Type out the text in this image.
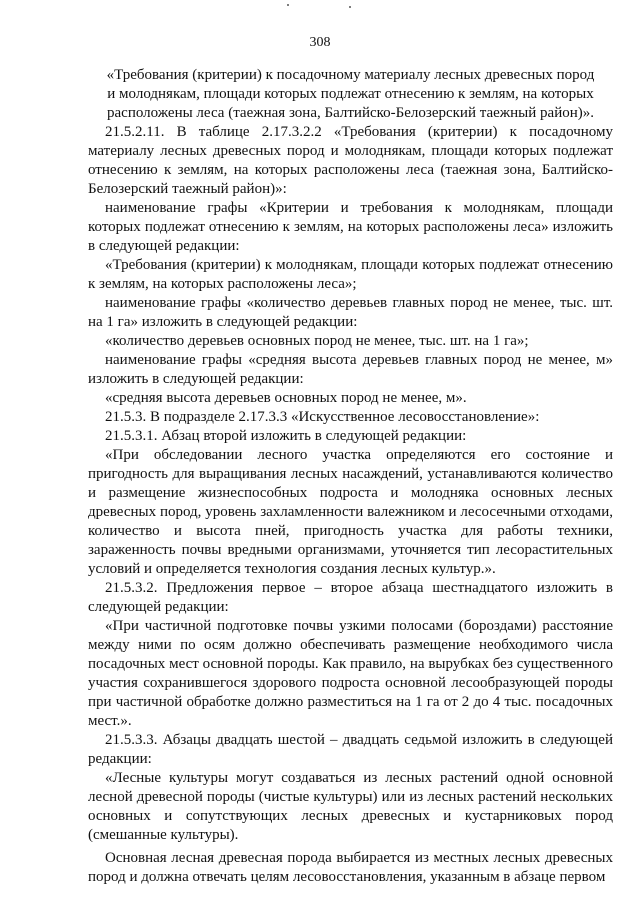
308

«Требования (критерии) к посадочному материалу лесных древесных пород и молоднякам, площади которых подлежат отнесению к землям, на которых расположены леса (таежная зона, Балтийско-Белозерский таежный район)».

21.5.2.11. В таблице 2.17.3.2.2 «Требования (критерии) к посадочному материалу лесных древесных пород и молоднякам, площади которых подлежат отнесению к землям, на которых расположены леса (таежная зона, Балтийско-Белозерский таежный район)»:

наименование графы «Критерии и требования к молоднякам, площади которых подлежат отнесению к землям, на которых расположены леса» изложить в следующей редакции:

«Требования (критерии) к молоднякам, площади которых подлежат отнесению к землям, на которых расположены леса»;

наименование графы «количество деревьев главных пород не менее, тыс. шт. на 1 га» изложить в следующей редакции:

«количество деревьев основных пород не менее, тыс. шт. на 1 га»;

наименование графы «средняя высота деревьев главных пород не менее, м» изложить в следующей редакции:

«средняя высота деревьев основных пород не менее, м».

21.5.3. В подразделе 2.17.3.3 «Искусственное лесовосстановление»:

21.5.3.1. Абзац второй изложить в следующей редакции:

«При обследовании лесного участка определяются его состояние и пригодность для выращивания лесных насаждений, устанавливаются количество и размещение жизнеспособных подроста и молодняка основных лесных древесных пород, уровень захламленности валежником и лесосечными отходами, количество и высота пней, пригодность участка для работы техники, зараженность почвы вредными организмами, уточняется тип лесорастительных условий и определяется технология создания лесных культур.».

21.5.3.2. Предложения первое – второе абзаца шестнадцатого изложить в следующей редакции:

«При частичной подготовке почвы узкими полосами (бороздами) расстояние между ними по осям должно обеспечивать размещение необходимого числа посадочных мест основной породы. Как правило, на вырубках без существенного участия сохранившегося здорового подроста основной лесообразующей породы при частичной обработке должно разместиться на 1 га от 2 до 4 тыс. посадочных мест.».

21.5.3.3. Абзацы двадцать шестой – двадцать седьмой изложить в следующей редакции:

«Лесные культуры могут создаваться из лесных растений одной основной лесной древесной породы (чистые культуры) или из лесных растений нескольких основных и сопутствующих лесных древесных и кустарниковых пород (смешанные культуры).

Основная лесная древесная порода выбирается из местных лесных древесных пород и должна отвечать целям лесовосстановления, указанным в абзаце первом
